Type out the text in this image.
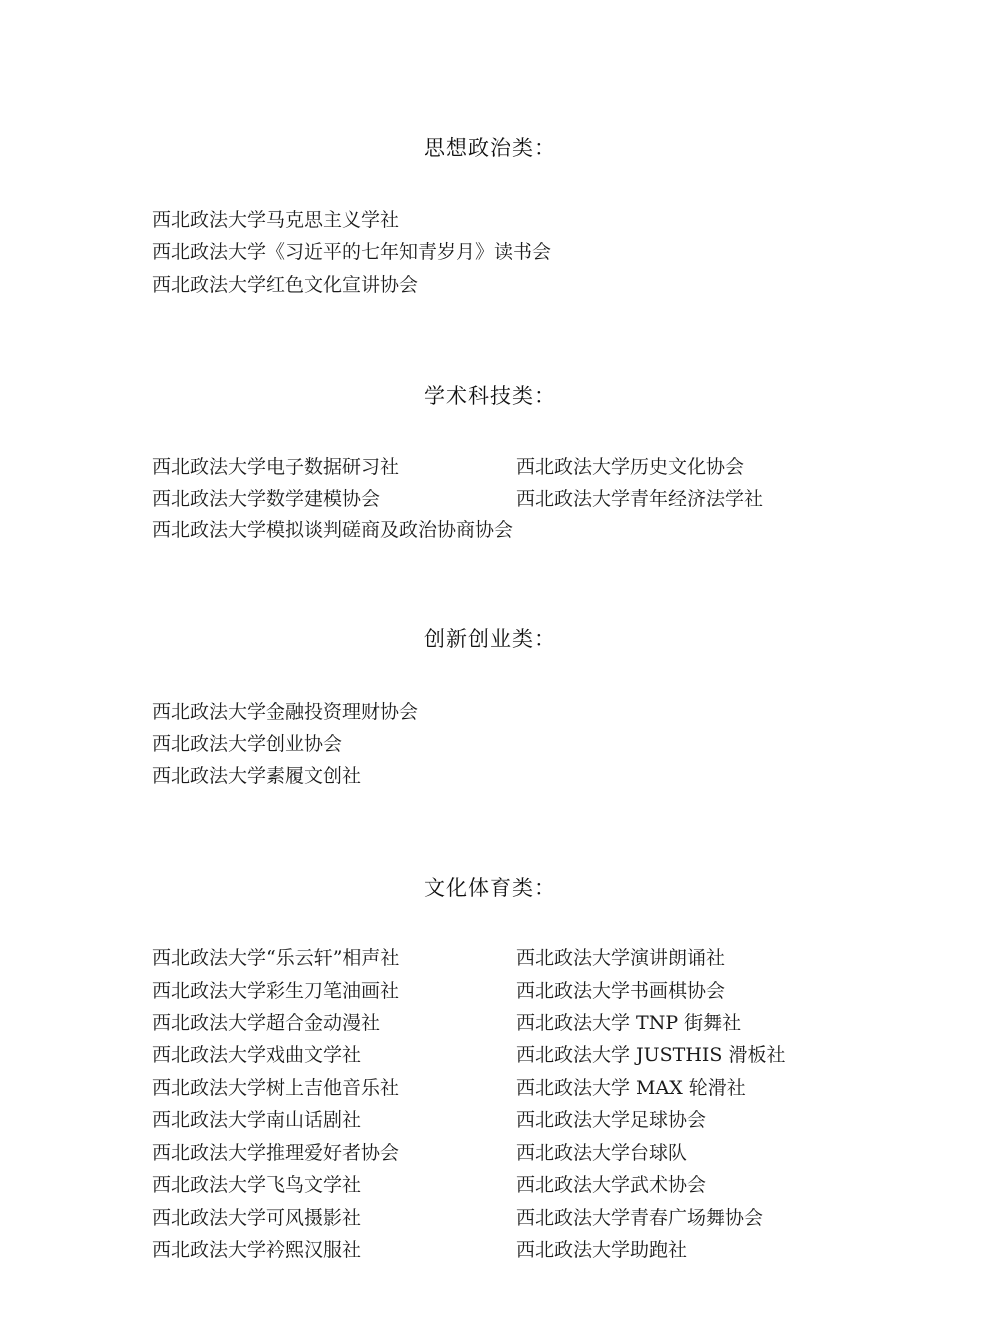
思想政治类：
西北政法大学马克思主义学社
西北政法大学《习近平的七年知青岁月》读书会
西北政法大学红色文化宣讲协会
学术科技类：
西北政法大学电子数据研习社
西北政法大学数学建模协会
西北政法大学模拟谈判磋商及政治协商协会
西北政法大学历史文化协会
西北政法大学青年经济法学社
创新创业类：
西北政法大学金融投资理财协会
西北政法大学创业协会
西北政法大学素履文创社
文化体育类：
西北政法大学“乐云轩”相声社
西北政法大学彩生刀笔油画社
西北政法大学超合金动漫社
西北政法大学戏曲文学社
西北政法大学树上吉他音乐社
西北政法大学南山话剧社
西北政法大学推理爱好者协会
西北政法大学飞鸟文学社
西北政法大学可风摄影社
西北政法大学衿熙汉服社
西北政法大学演讲朗诵社
西北政法大学书画棋协会
西北政法大学 TNP 街舞社
西北政法大学 JUSTHIS 滑板社
西北政法大学 MAX 轮滑社
西北政法大学足球协会
西北政法大学台球队
西北政法大学武术协会
西北政法大学青春广场舞协会
西北政法大学助跑社
